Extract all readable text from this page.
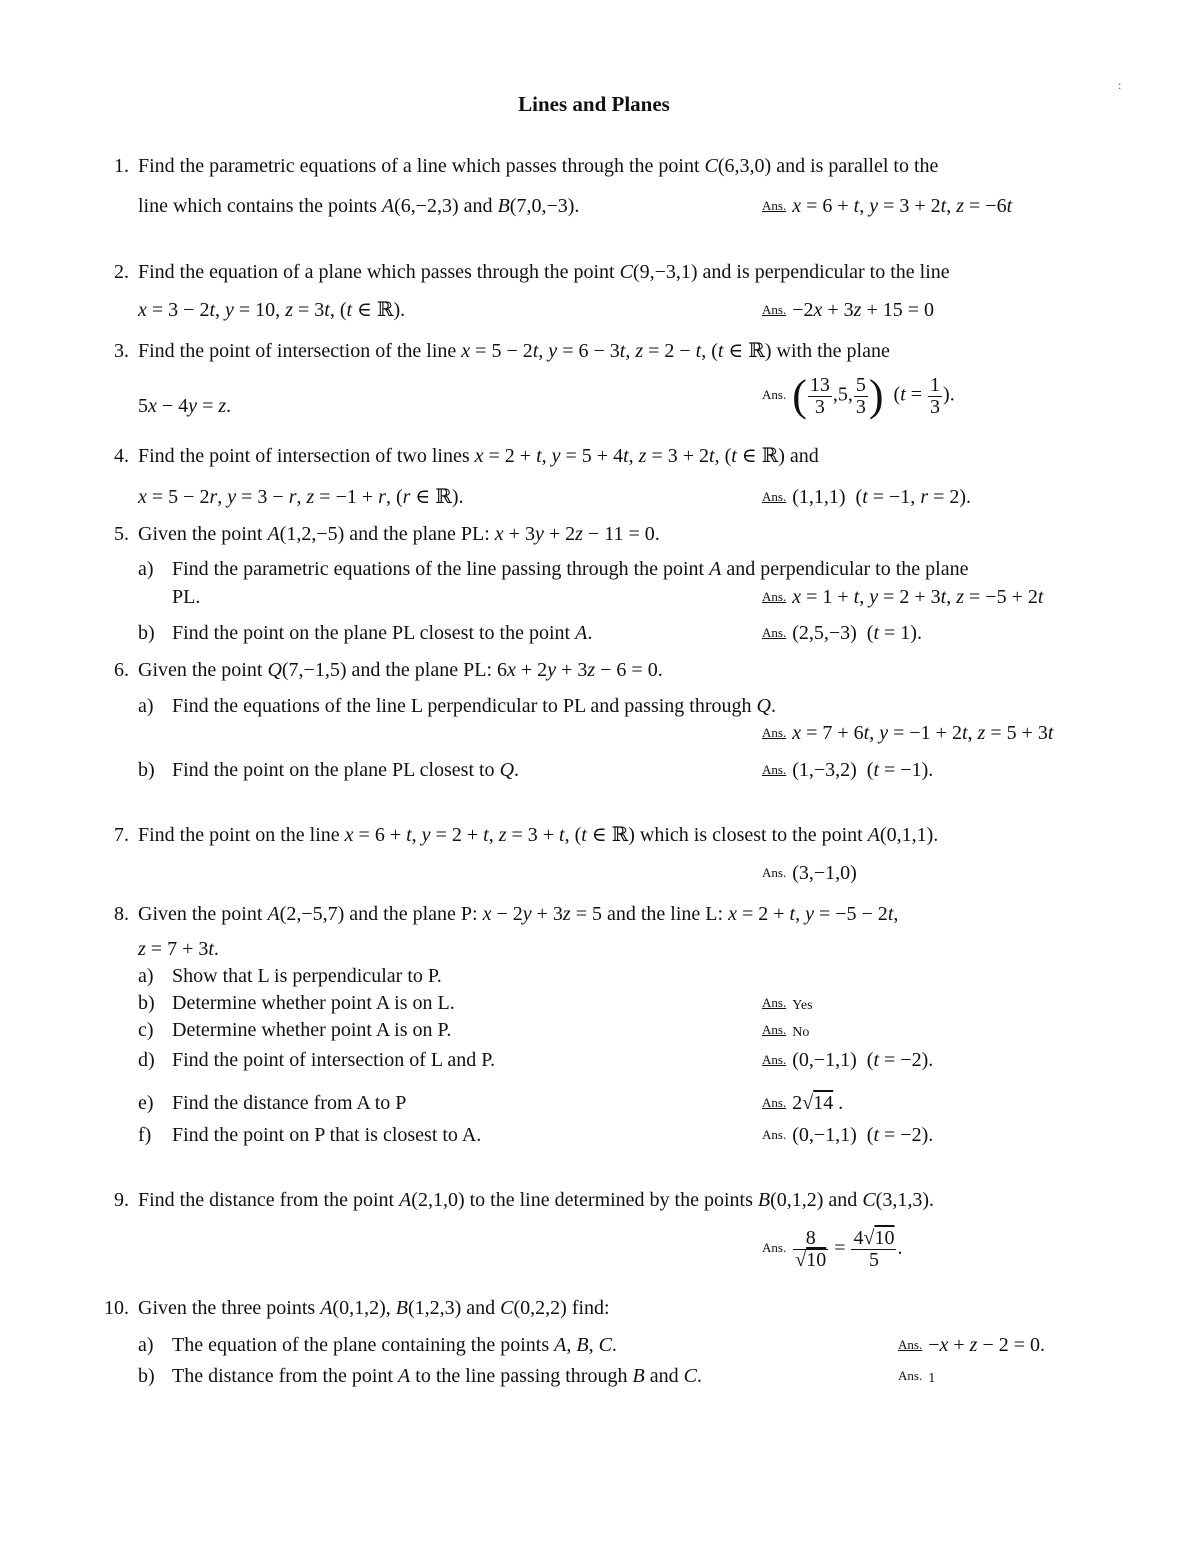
:
Lines and Planes
1. Find the parametric equations of a line which passes through the point C(6,3,0) and is parallel to the
line which contains the points A(6,−2,3) and B(7,0,−3).	Ans. x = 6 + t, y = 3 + 2t, z = −6t
2. Find the equation of a plane which passes through the point C(9,−3,1) and is perpendicular to the line
x = 3 − 2t, y = 10, z = 3t, (t ∈ ℝ).	Ans. −2x + 3z + 15 = 0
3. Find the point of intersection of the line x = 5 − 2t, y = 6 − 3t, z = 2 − t, (t ∈ ℝ) with the plane
5x − 4y = z.
Ans. ( $\frac{13}{3} ,5$, $\frac{5}{3}$ )  ($t = \frac{1}{3}$ ).
4. Find the point of intersection of two lines x = 2 + t, y = 5 + 4t, z = 3 + 2t, (t ∈ ℝ) and
x = 5 − 2r, y = 3 − r, z = −1 + r, (r ∈ ℝ).	Ans. (1,1,1)  (t = −1, r = 2).
5. Given the point A(1,2,−5) and the plane PL: x + 3y + 2z − 11 = 0.
a) Find the parametric equations of the line passing through the point A and perpendicular to the plane
PL.	Ans. x = 1 + t, y = 2 + 3t, z = −5 + 2t
b) Find the point on the plane PL closest to the point A.	Ans. (2,5,−3)  (t = 1).
6. Given the point Q(7,−1,5) and the plane PL: 6x + 2y + 3z − 6 = 0.
a) Find the equations of the line L perpendicular to PL and passing through Q.
Ans. x = 7 + 6t, y = −1 + 2t, z = 5 + 3t
b) Find the point on the plane PL closest to Q.	Ans. (1,−3,2)  (t = −1).
7. Find the point on the line x = 6 + t, y = 2 + t, z = 3 + t, (t ∈ ℝ) which is closest to the point A(0,1,1).
Ans. (3,−1,0)
8. Given the point A(2,−5,7) and the plane P: x − 2y + 3z = 5 and the line L: x = 2 + t, y = −5 − 2t,
z = 7 + 3t.
a) Show that L is perpendicular to P.
b) Determine whether point A is on L.	Ans. Yes
c) Determine whether point A is on P.	Ans. No
d) Find the point of intersection of L and P.	Ans. (0,−1,1)  (t = −2).
e) Find the distance from A to P	Ans. 2√14 .
f) Find the point on P that is closest to A.	Ans. (0,−1,1)  (t = −2).
9. Find the distance from the point A(2,1,0) to the line determined by the points B(0,1,2) and C(3,1,3).
Ans. $\frac{8}{√10} = \frac{4√10}{5}$ .
10. Given the three points A(0,1,2), B(1,2,3) and C(0,2,2) find:
a) The equation of the plane containing the points A, B, C.	Ans. −x + z − 2 = 0.
b) The distance from the point A to the line passing through B and C.	Ans. 1
